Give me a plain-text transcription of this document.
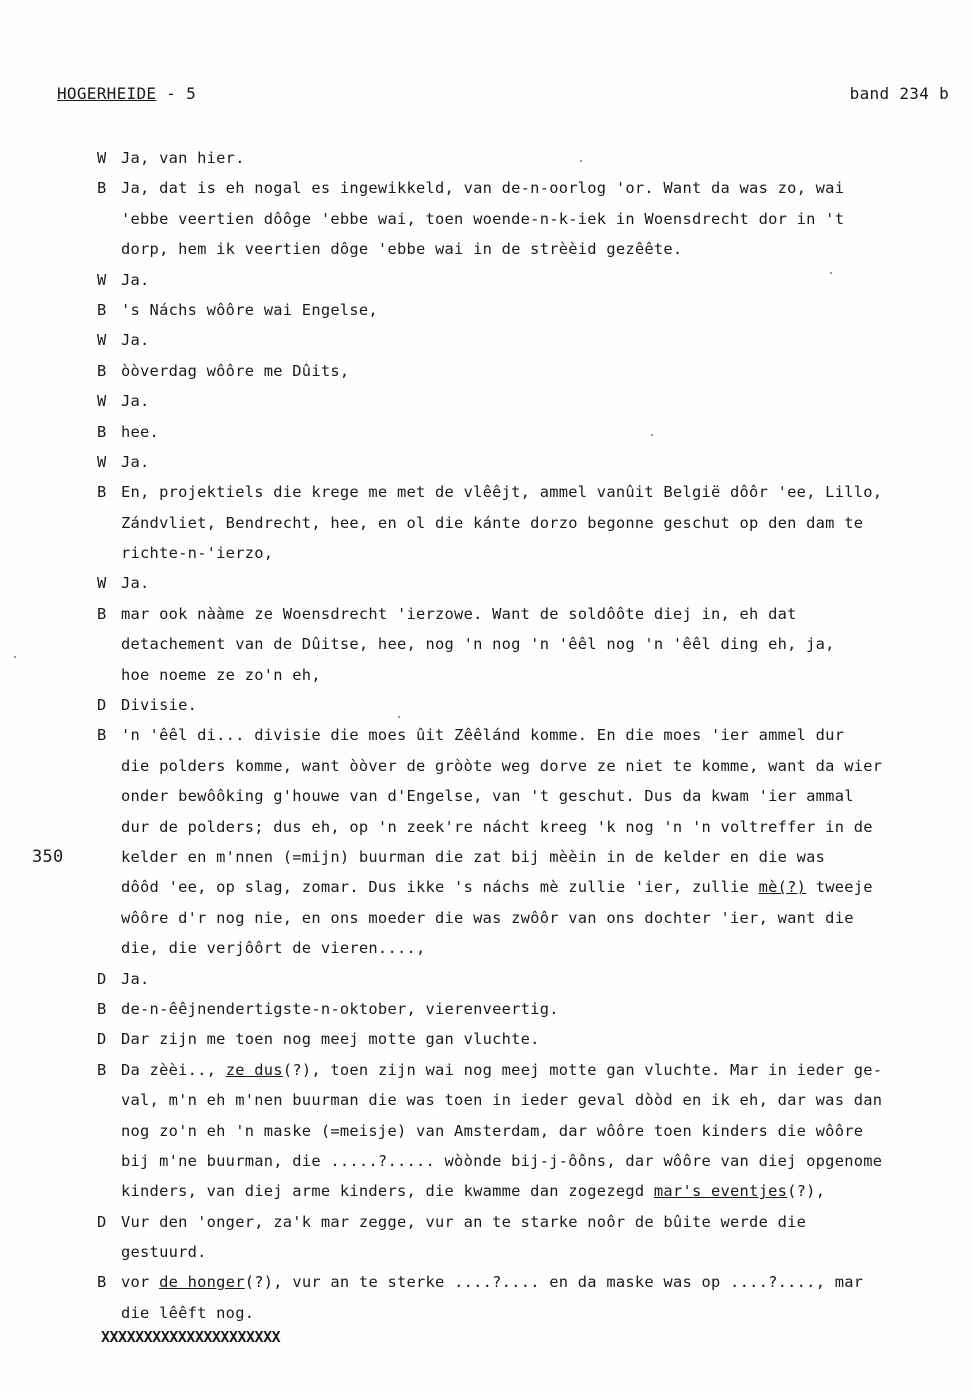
HOGERHEIDE - 5	band 234 b
W Ja, van hier.
B Ja, dat is eh nogal es ingewikkeld, van de-n-oorlog 'or. Want da was zo, wai
'ebbe veertien dôôge 'ebbe wai, toen woende-n-k-iek in Woensdrecht dor in 't
dorp, hem ik veertien dôge 'ebbe wai in de strèèid gezêête.
W Ja.
B 's Náchs wôôre wai Engelse,
W Ja.
B òòverdag wôôre me Dûits,
W Ja.
B hee.
W Ja.
B En, projektiels die krege me met de vlêêjt, ammel vanûit België dôôr 'ee, Lillo,
Zándvliet, Bendrecht, hee, en ol die kánte dorzo begonne geschut op den dam te
richte-n-'ierzo,
W Ja.
B mar ook nààme ze Woensdrecht 'ierzowe. Want de soldôôte diej in, eh dat
detachement van de Dûitse, hee, nog 'n nog 'n 'êêl nog 'n 'êêl ding eh, ja,
hoe noeme ze zo'n eh,
D Divisie.
B 'n 'êêl di... divisie die moes ûit Zêêlánd komme. En die moes 'ier ammel dur
die polders komme, want òòver de gròòte weg dorve ze niet te komme, want da wier
onder bewôôking g'houwe van d'Engelse, van 't geschut. Dus da kwam 'ier ammal
dur de polders; dus eh, op 'n zeek're nácht kreeg 'k nog 'n 'n voltreffer in de
kelder en m'nnen (=mijn) buurman die zat bij mèèin in de kelder en die was
350
dôôd 'ee, op slag, zomar. Dus ikke 's náchs mè zullie 'ier, zullie mè(?) tweeje
wôôre d'r nog nie, en ons moeder die was zwôôr van ons dochter 'ier, want die
die, die verjôôrt de vieren....,
D Ja.
B de-n-êêjnendertigste-n-oktober, vierenveertig.
D Dar zijn me toen nog meej motte gan vluchte.
B Da zèèi.., ze dus(?), toen zijn wai nog meej motte gan vluchte. Mar in ieder ge-
val, m'n eh m'nen buurman die was toen in ieder geval dòòd en ik eh, dar was dan
nog zo'n eh 'n maske (=meisje) van Amsterdam, dar wôôre toen kinders die wôôre
bij m'ne buurman, die .....?..... wòònde bij-j-ôôns, dar wôôre van diej opgenome
kinders, van diej arme kinders, die kwamme dan zogezegd mar's eventjes(?),
D Vur den 'onger, za'k mar zegge, vur an te starke noôr de bûite werde die
gestuurd.
B vor de honger(?), vur an te sterke ....?.... en da maske was op ....?...., mar
die lêêft nog.
XXXXXXXXXXXXXXXXXXXXX
